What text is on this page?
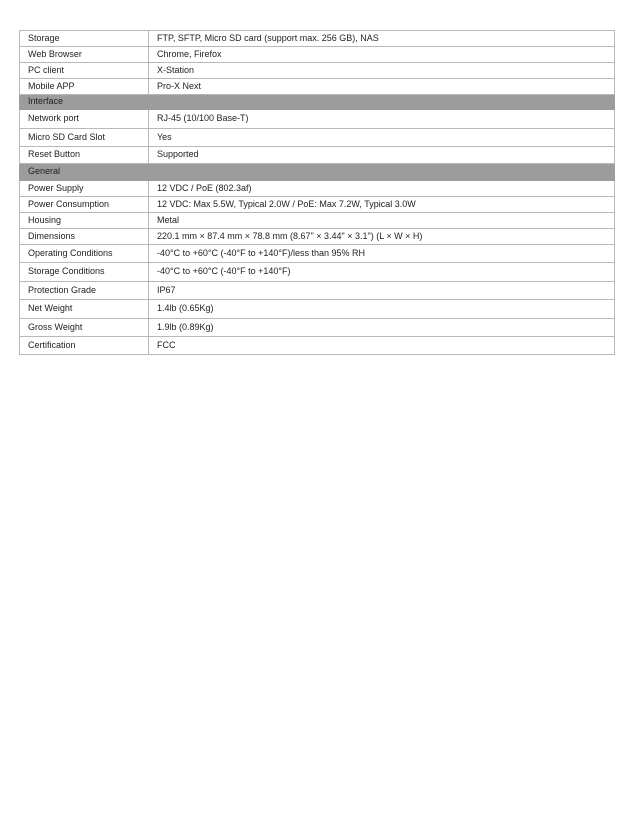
Storage	FTP, SFTP, Micro SD card (support max. 256 GB), NAS
Web Browser	Chrome, Firefox
PC client	X-Station
Mobile APP	Pro-X Next
Interface	
Network port	RJ-45 (10/100 Base-T)
Micro SD Card Slot	Yes
Reset Button	Supported
General	
Power Supply	12 VDC / PoE (802.3af)
Power Consumption	12 VDC: Max 5.5W, Typical 2.0W / PoE: Max 7.2W, Typical 3.0W
Housing	Metal
Dimensions	220.1 mm × 87.4 mm × 78.8 mm (8.67" × 3.44" × 3.1") (L × W × H)
Operating Conditions	-40°C to +60°C (-40°F to +140°F)/less than 95% RH
Storage Conditions	-40°C to +60°C (-40°F to +140°F)
Protection Grade	IP67
Net Weight	1.4lb (0.65Kg)
Gross Weight	1.9lb (0.89Kg)
Certification	FCC
